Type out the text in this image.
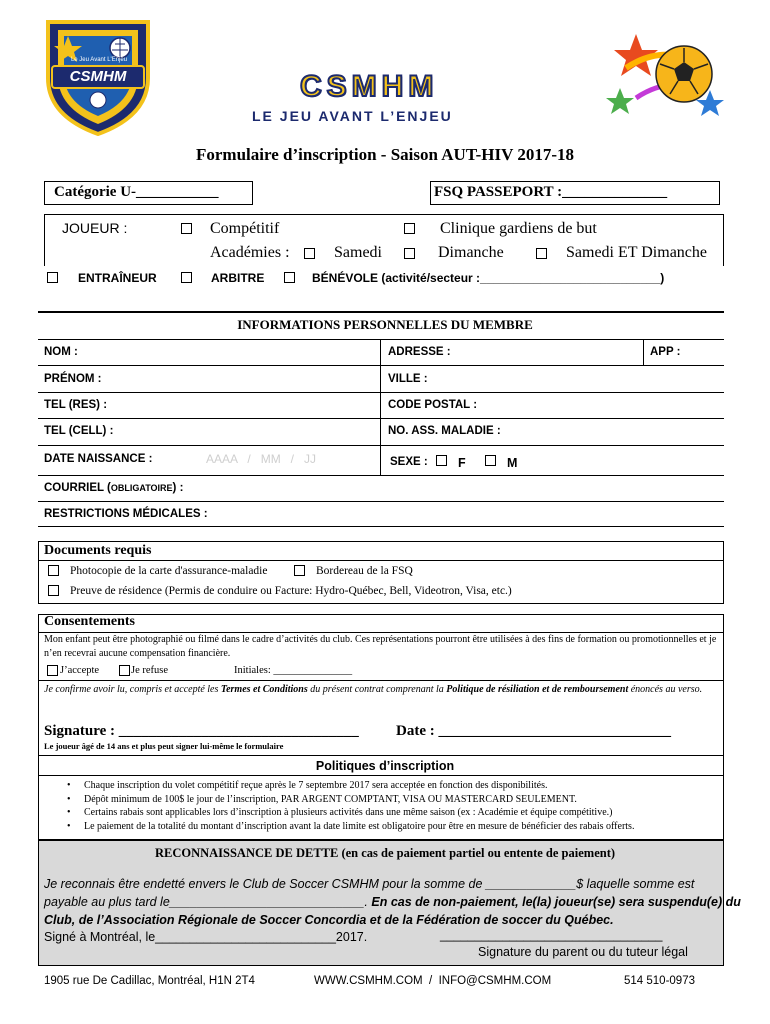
CSMHM
Le Jeu Avant L'Enjeu
CSMHM
LE JEU AVANT L’ENJEU
Formulaire d’inscription - Saison AUT-HIV 2017-18
Catégorie U-___________	FSQ PASSEPORT :______________
JOUEUR :	Compétitif	Clinique gardiens de but
Académies :	Samedi	Dimanche	Samedi ET Dimanche
ENTRAÎNEUR	ARBITRE	BÉNÉVOLE (activité/secteur :___________________________)
INFORMATIONS PERSONNELLES DU MEMBRE
NOM :	ADRESSE :	APP :
PRÉNOM :	VILLE :
TEL (RES) :	CODE POSTAL :
TEL (CELL) :	NO. ASS. MALADIE :
DATE NAISSANCE :	AAAA   /   MM   /   JJ	SEXE : F	M
COURRIEL (OBLIGATOIRE) :
RESTRICTIONS MÉDICALES :
Documents requis
Photocopie de la carte d'assurance-maladie	Bordereau de la FSQ
Preuve de résidence (Permis de conduire ou Facture: Hydro-Québec, Bell, Videotron, Visa, etc.)
Consentements
Mon enfant peut être photographié ou filmé dans le cadre d’activités du club. Ces représentations pourront être utilisées à des fins de formation ou promotionnelles et je n’en recevrai aucune compensation financière.
J’accepte	Je refuse	Initiales: _______________
Je confirme avoir lu, compris et accepté les Termes et Conditions du présent contrat comprenant la Politique de résiliation et de remboursement énoncés au verso.
Signature : ________________________________ Date : _______________________________
Le joueur âgé de 14 ans et plus peut signer lui-même le formulaire
Politiques d’inscription
• Chaque inscription du volet compétitif reçue après le 7 septembre 2017 sera acceptée en fonction des disponibilités.
• Dépôt minimum de 100$ le jour de l’inscription, PAR ARGENT COMPTANT, VISA OU MASTERCARD SEULEMENT.
• Certains rabais sont applicables lors d’inscription à plusieurs activités dans une même saison (ex : Académie et équipe compétitive.)
• Le paiement de la totalité du montant d’inscription avant la date limite est obligatoire pour être en mesure de bénéficier des rabais offerts.
RECONNAISSANCE DE DETTE (en cas de paiement partiel ou entente de paiement)
Je reconnais être endetté envers le Club de Soccer CSMHM pour la somme de _____________$ laquelle somme est
payable au plus tard le____________________________. En cas de non-paiement, le(la) joueur(se) sera suspendu(e) du
Club, de l’Association Régionale de Soccer Concordia et de la Fédération de soccer du Québec.
Signé à Montréal, le__________________________2017.	________________________________
Signature du parent ou du tuteur légal
1905 rue De Cadillac, Montréal, H1N 2T4	WWW.CSMHM.COM  /  INFO@CSMHM.COM	514 510-0973
